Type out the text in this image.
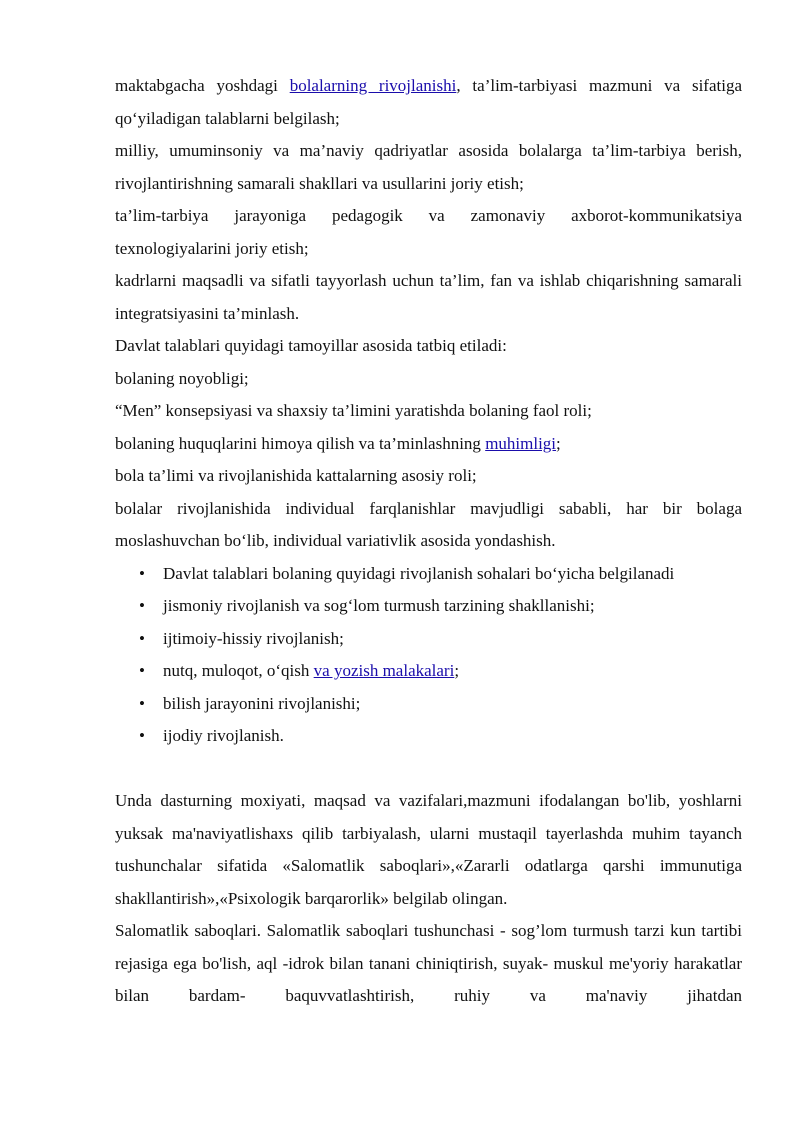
maktabgacha yoshdagi bolalarning rivojlanishi, ta’lim-tarbiyasi mazmuni va sifatiga qo‘yiladigan talablarni belgilash;

milliy, umuminsoniy va ma’naviy qadriyatlar asosida bolalarga ta’lim-tarbiya berish, rivojlantirishning samarali shakllari va usullarini joriy etish;

ta’lim-tarbiya jarayoniga pedagogik va zamonaviy axborot-kommunikatsiya texnologiyalarini joriy etish;

kadrlarni maqsadli va sifatli tayyorlash uchun ta’lim, fan va ishlab chiqarishning samarali integratsiyasini ta’minlash.

Davlat talablari quyidagi tamoyillar asosida tatbiq etiladi:

bolaning noyobligi;

“Men” konsepsiyasi va shaxsiy ta’limini yaratishda bolaning faol roli;

bolaning huquqlarini himoya qilish va ta’minlashning muhimligi;

bola ta’limi va rivojlanishida kattalarning asosiy roli;

bolalar rivojlanishida individual farqlanishlar mavjudligi sababli, har bir bolaga moslashuvchan bo‘lib, individual variativlik asosida yondashish.

• Davlat talablari bolaning quyidagi rivojlanish sohalari bo‘yicha belgilanadi
• jismoniy rivojlanish va sog‘lom turmush tarzining shakllanishi;
• ijtimoiy-hissiy rivojlanish;
• nutq, muloqot, o‘qish va yozish malakalari;
• bilish jarayonini rivojlanishi;
• ijodiy rivojlanish.

Unda dasturning moxiyati, maqsad va vazifalari,mazmuni ifodalangan bo'lib, yoshlarni yuksak ma'naviyatlishaxs qilib tarbiyalash, ularni mustaqil tayerlashda muhim tayanch tushunchalar sifatida «Salomatlik saboqlari»,«Zararli odatlarga qarshi immunutiga shakllantirish»,«Psixologik barqarorlik» belgilab olingan.

Salomatlik saboqlari. Salomatlik saboqlari tushunchasi - sog’lom turmush tarzi kun tartibi rejasiga ega bo'lish, aql -idrok bilan tanani chiniqtirish, suyak- muskul me'yoriy harakatlar bilan bardam- baquvvatlashtirish, ruhiy va ma'naviy jihatdan
